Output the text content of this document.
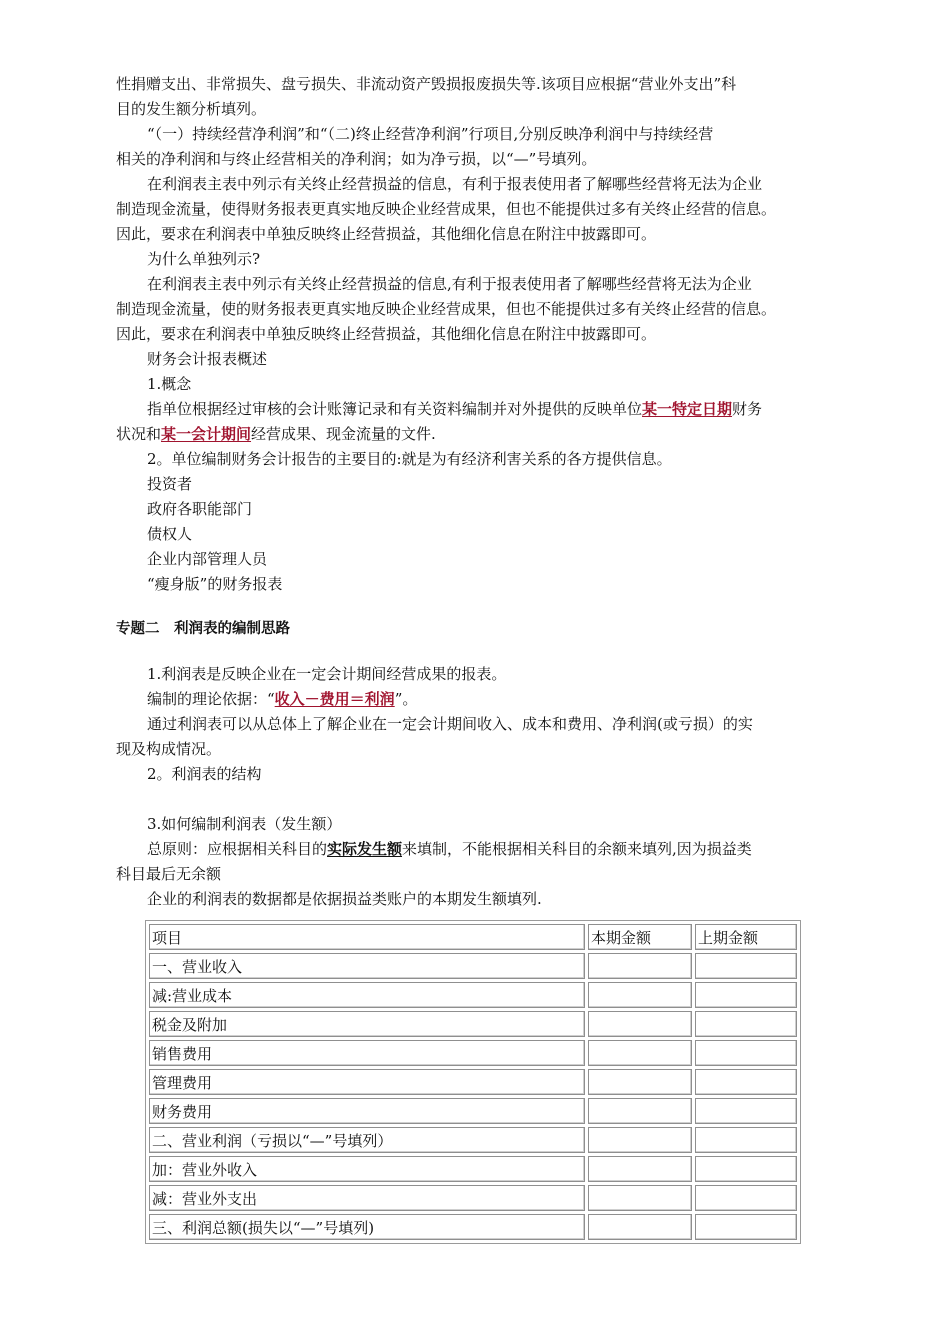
性捐赠支出、非常损失、盘亏损失、非流动资产毁损报废损失等.该项目应根据“营业外支出”科

目的发生额分析填列。

“（一）持续经营净利润”和“（二)终止经营净利润”行项目,分别反映净利润中与持续经营

相关的净利润和与终止经营相关的净利润；如为净亏损，以“—”号填列。

在利润表主表中列示有关终止经营损益的信息，有利于报表使用者了解哪些经营将无法为企业

制造现金流量，使得财务报表更真实地反映企业经营成果，但也不能提供过多有关终止经营的信息。

因此，要求在利润表中单独反映终止经营损益，其他细化信息在附注中披露即可。

为什么单独列示?

在利润表主表中列示有关终止经营损益的信息,有利于报表使用者了解哪些经营将无法为企业

制造现金流量，使的财务报表更真实地反映企业经营成果，但也不能提供过多有关终止经营的信息。

因此，要求在利润表中单独反映终止经营损益，其他细化信息在附注中披露即可。

财务会计报表概述

1.概念

指单位根据经过审核的会计账簿记录和有关资料编制并对外提供的反映单位某一特定日期财务

状况和某一会计期间经营成果、现金流量的文件.

2。单位编制财务会计报告的主要目的:就是为有经济利害关系的各方提供信息。

投资者

政府各职能部门

债权人

企业内部管理人员

“瘦身版”的财务报表

专题二　利润表的编制思路

1.利润表是反映企业在一定会计期间经营成果的报表。

编制的理论依据：“收入－费用＝利润”。

通过利润表可以从总体上了解企业在一定会计期间收入、成本和费用、净利润(或亏损）的实

现及构成情况。

2。利润表的结构

3.如何编制利润表（发生额）

总原则：应根据相关科目的实际发生额来填制，不能根据相关科目的余额来填列,因为损益类

科目最后无余额

企业的利润表的数据都是依据损益类账户的本期发生额填列.

项目	本期金额	上期金额
一、营业收入		
减:营业成本		
税金及附加		
销售费用		
管理费用		
财务费用		
二、营业利润（亏损以“—”号填列）		
加：营业外收入		
减：营业外支出		
三、利润总额(损失以“—”号填列)		
